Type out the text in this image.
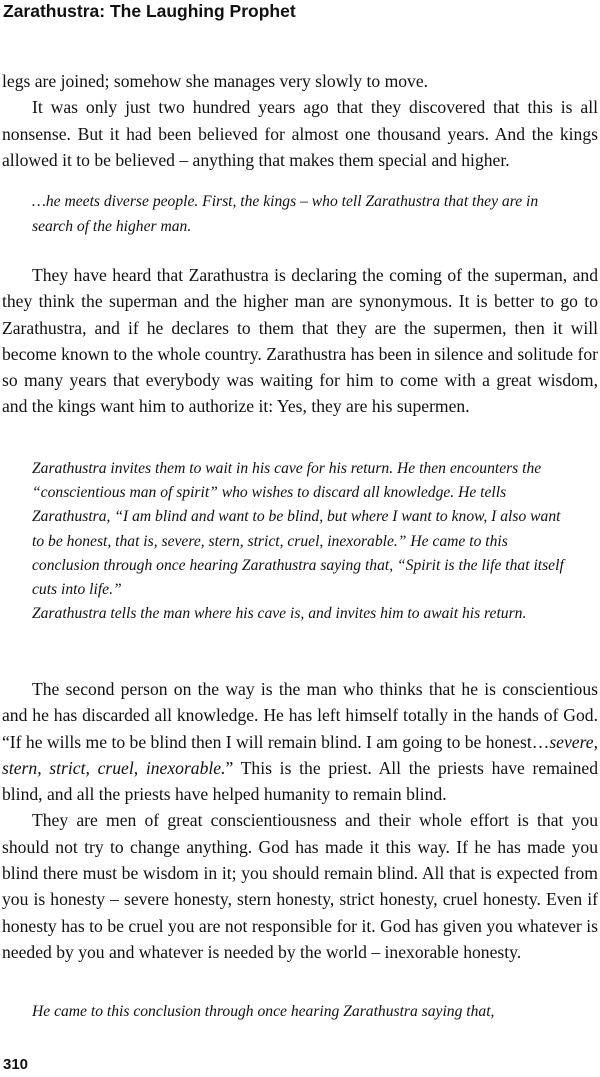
Zarathustra: The Laughing Prophet

legs are joined; somehow she manages very slowly to move.

It was only just two hundred years ago that they discovered that this is all nonsense. But it had been believed for almost one thousand years. And the kings allowed it to be believed – anything that makes them special and higher.

…he meets diverse people. First, the kings – who tell Zarathustra that they are in search of the higher man.

They have heard that Zarathustra is declaring the coming of the superman, and they think the superman and the higher man are synonymous. It is better to go to Zarathustra, and if he declares to them that they are the supermen, then it will become known to the whole country. Zarathustra has been in silence and solitude for so many years that everybody was waiting for him to come with a great wisdom, and the kings want him to authorize it: Yes, they are his supermen.

Zarathustra invites them to wait in his cave for his return. He then encounters the “conscientious man of spirit” who wishes to discard all knowledge. He tells Zarathustra, “I am blind and want to be blind, but where I want to know, I also want to be honest, that is, severe, stern, strict, cruel, inexorable.” He came to this conclusion through once hearing Zarathustra saying that, “Spirit is the life that itself cuts into life.”

Zarathustra tells the man where his cave is, and invites him to await his return.

The second person on the way is the man who thinks that he is conscientious and he has discarded all knowledge. He has left himself totally in the hands of God. “If he wills me to be blind then I will remain blind. I am going to be honest…severe, stern, strict, cruel, inexorable.” This is the priest. All the priests have remained blind, and all the priests have helped humanity to remain blind.

They are men of great conscientiousness and their whole effort is that you should not try to change anything. God has made it this way. If he has made you blind there must be wisdom in it; you should remain blind. All that is expected from you is honesty – severe honesty, stern honesty, strict honesty, cruel honesty. Even if honesty has to be cruel you are not responsible for it. God has given you whatever is needed by you and whatever is needed by the world – inexorable honesty.

He came to this conclusion through once hearing Zarathustra saying that,

310
